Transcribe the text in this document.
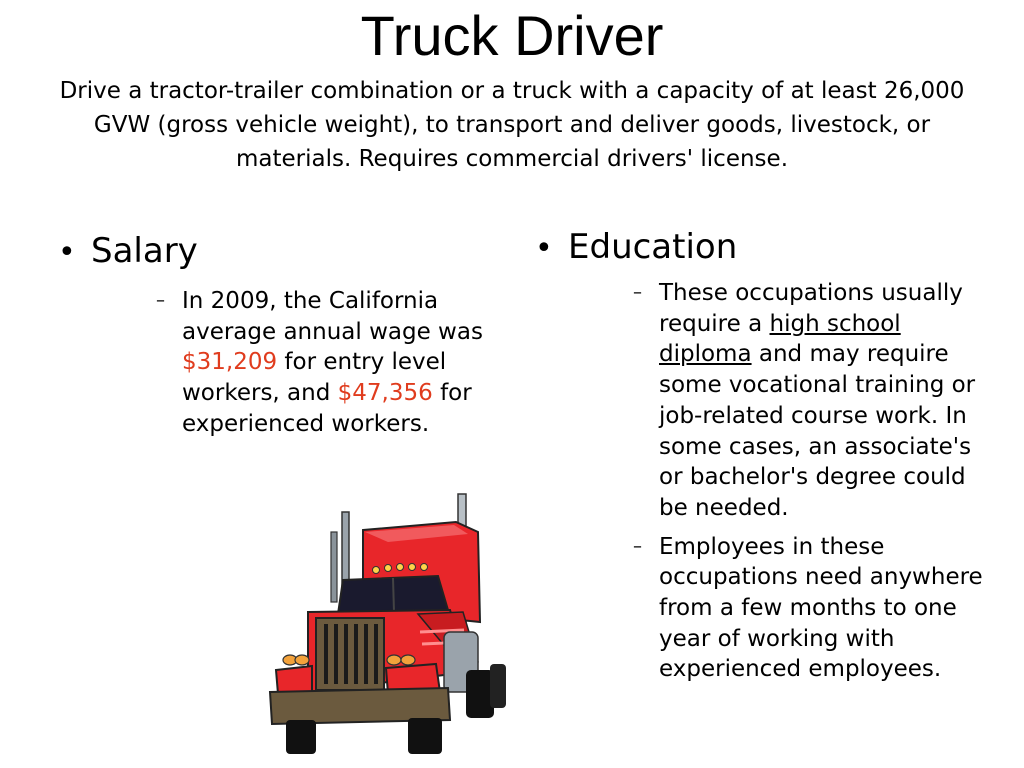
Truck Driver

Drive a tractor-trailer combination or a truck with a capacity of at least 26,000 GVW (gross vehicle weight), to transport and deliver goods, livestock, or materials. Requires commercial drivers' license.

• Salary
– In 2009, the California average annual wage was $31,209 for entry level workers, and $47,356 for experienced workers.
• Education
– These occupations usually require a high school diploma and may require some vocational training or job-related course work. In some cases, an associate's or bachelor's degree could be needed.
– Employees in these occupations need anywhere from a few months to one year of working with experienced employees.
